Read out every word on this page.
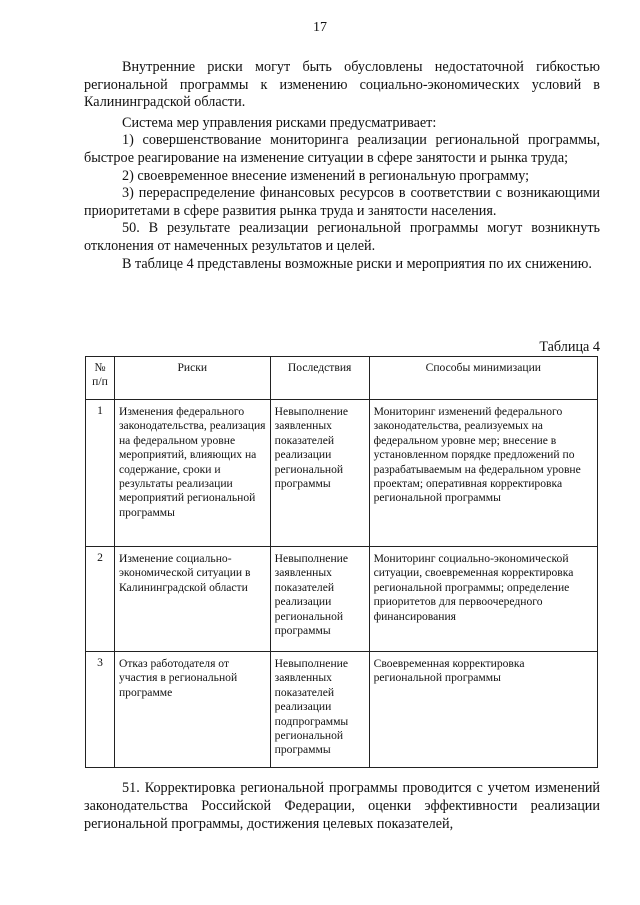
17

Внутренние риски могут быть обусловлены недостаточной гибкостью региональной программы к изменению социально-экономических условий в Калининградской области.

Система мер управления рисками предусматривает:

1) совершенствование мониторинга реализации региональной программы, быстрое реагирование на изменение ситуации в сфере занятости и рынка труда;

2) своевременное внесение изменений в региональную программу;

3) перераспределение финансовых ресурсов в соответствии с возникающими приоритетами в сфере развития рынка труда и занятости населения.

50. В результате реализации региональной программы могут возникнуть отклонения от намеченных результатов и целей.

В таблице 4 представлены возможные риски и мероприятия по их снижению.

Таблица 4
№ п/п	Риски	Последствия	Способы минимизации
1	Изменения федерального законодательства, реализация на федеральном уровне мероприятий, влияющих на содержание, сроки и результаты реализации мероприятий региональной программы	Невыполнение заявленных показателей реализации региональной программы	Мониторинг изменений федерального законодательства, реализуемых на федеральном уровне мер; внесение в установленном порядке предложений по разрабатываемым на федеральном уровне проектам; оперативная корректировка региональной программы
2	Изменение социально-экономической ситуации в Калининградской области	Невыполнение заявленных показателей реализации региональной программы	Мониторинг социально-экономической ситуации, своевременная корректировка региональной программы; определение приоритетов для первоочередного финансирования
3	Отказ работодателя от участия в региональной программе	Невыполнение заявленных показателей реализации подпрограммы региональной программы	Своевременная корректировка региональной программы

51. Корректировка региональной программы проводится с учетом изменений законодательства Российской Федерации, оценки эффективности реализации региональной программы, достижения целевых показателей,
